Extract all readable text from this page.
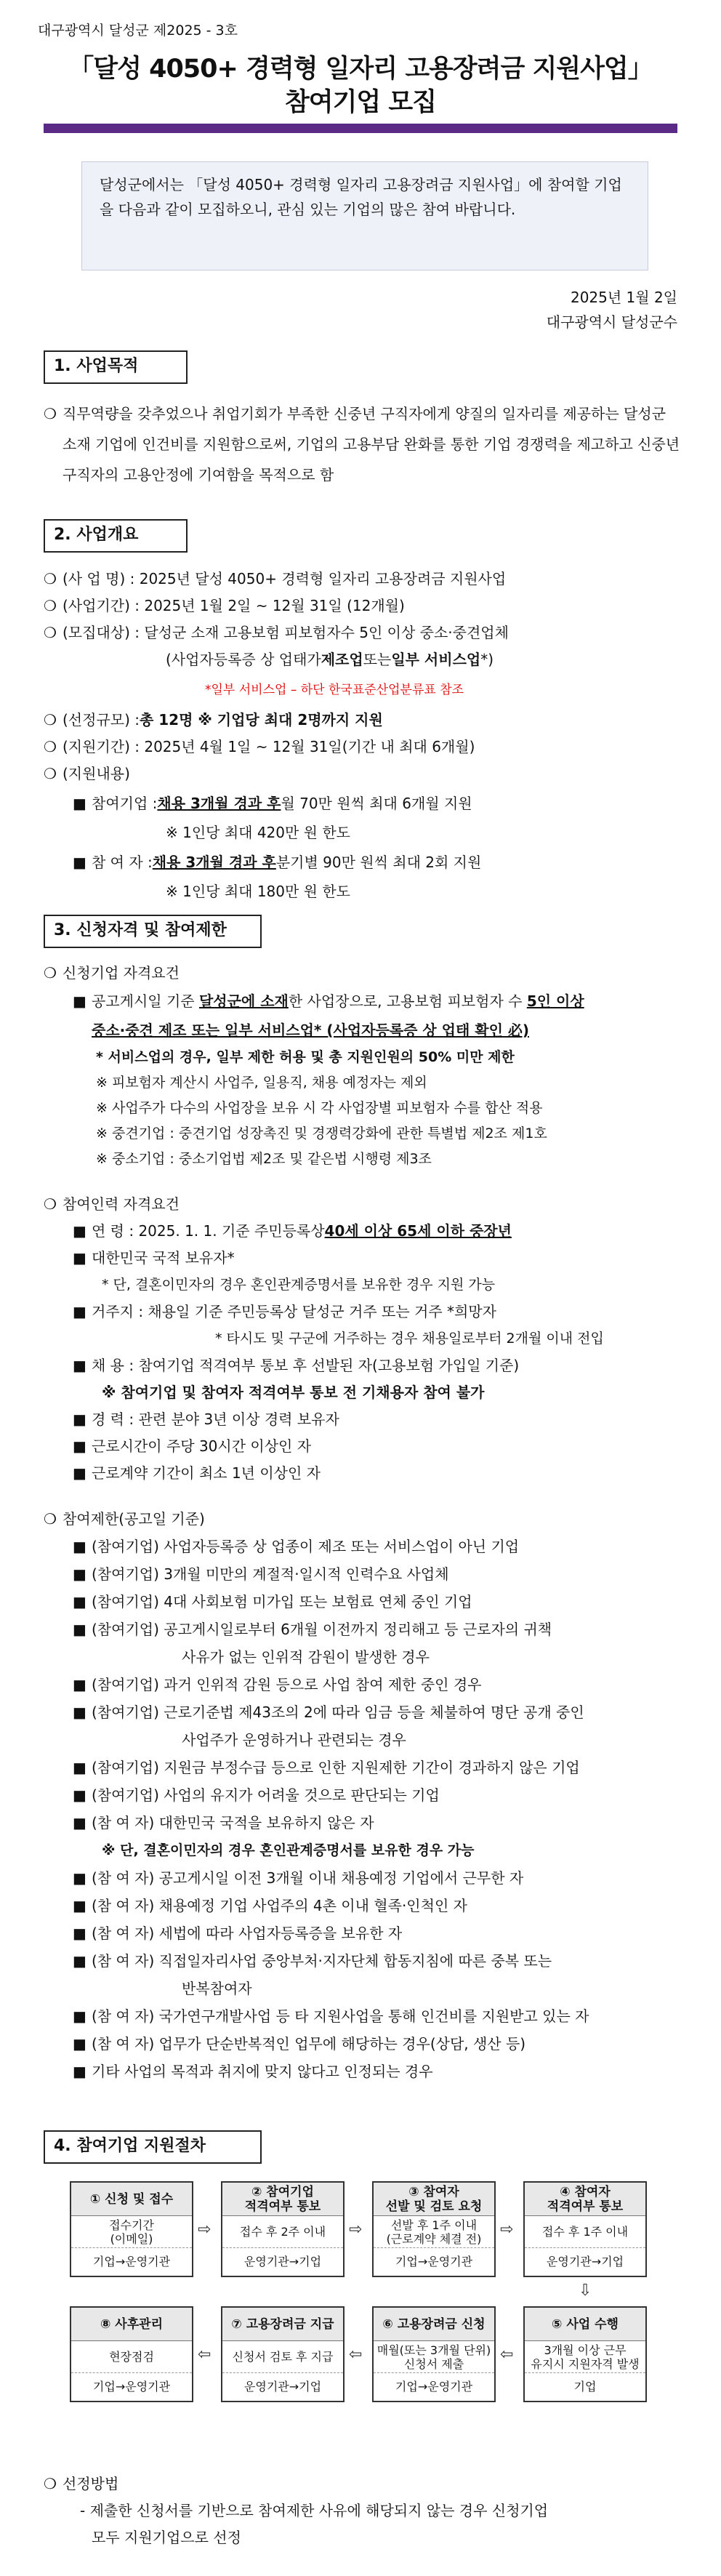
대구광역시 달성군 제2025 - 3호
「달성 4050+ 경력형 일자리 고용장려금 지원사업」
참여기업 모집
달성군에서는 「달성 4050+ 경력형 일자리 고용장려금 지원사업」에 참여할 기업을 다음과 같이 모집하오니, 관심 있는 기업의 많은 참여 바랍니다.
2025년 1월 2일
대구광역시 달성군수
1. 사업목적
❍ 직무역량을 갖추었으나 취업기회가 부족한 신중년 구직자에게 양질의 일자리를 제공하는 달성군 소재 기업에 인건비를 지원함으로써, 기업의 고용부담 완화를 통한 기업 경쟁력을 제고하고 신중년 구직자의 고용안정에 기여함을 목적으로 함
2. 사업개요
❍ (사 업 명) : 2025년 달성 4050+ 경력형 일자리 고용장려금 지원사업
❍ (사업기간) : 2025년 1월 2일 ~ 12월 31일 (12개월)
❍ (모집대상) : 달성군 소재 고용보험 피보험자수 5인 이상 중소·중견업체
(사업자등록증 상 업태가 제조업 또는 일부 서비스업 *)
*일부 서비스업 – 하단 한국표준산업분류표 참조
❍ (선정규모) : 총 12명 ※ 기업당 최대 2명까지 지원
❍ (지원기간) : 2025년 4월 1일 ~ 12월 31일 (기간 내 최대 6개월)
❍ (지원내용)
■ 참여기업 : 채용 3개월 경과 후 월 70만 원씩 최대 6개월 지원
※ 1인당 최대 420만 원 한도
■ 참 여 자 : 채용 3개월 경과 후 분기별 90만 원씩 최대 2회 지원
※ 1인당 최대 180만 원 한도
3. 신청자격 및 참여제한
❍ 신청기업 자격요건
■ 공고게시일 기준 달성군에 소재한 사업장으로, 고용보험 피보험자 수 5인 이상
중소·중견 제조 또는 일부 서비스업* (사업자등록증 상 업태 확인 必)
* 서비스업의 경우, 일부 제한 허용 및 총 지원인원의 50% 미만 제한
※ 피보험자 계산시 사업주, 일용직, 채용 예정자는 제외
※ 사업주가 다수의 사업장을 보유 시 각 사업장별 피보험자 수를 합산 적용
※ 중견기업 : 중견기업 성장촉진 및 경쟁력강화에 관한 특별법 제2조 제1호
※ 중소기업 : 중소기업법 제2조 및 같은법 시행령 제3조
❍ 참여인력 자격요건
■ 연 령 : 2025. 1. 1. 기준 주민등록상 40세 이상 65세 이하 중장년
■ 대한민국 국적 보유자*
* 단, 결혼이민자의 경우 혼인관계증명서를 보유한 경우 지원 가능
■ 거주지 : 채용일 기준 주민등록상 달성군 거주 또는 거주 *희망자
* 타시도 및 구군에 거주하는 경우 채용일로부터 2개월 이내 전입
■ 채 용 : 참여기업 적격여부 통보 후 선발된 자(고용보험 가입일 기준)
※ 참여기업 및 참여자 적격여부 통보 전 기채용자 참여 불가
■ 경 력 : 관련 분야 3년 이상 경력 보유자
■ 근로시간이 주당 30시간 이상인 자
■ 근로계약 기간이 최소 1년 이상인 자
❍ 참여제한(공고일 기준)
■ (참여기업) 사업자등록증 상 업종이 제조 또는 서비스업이 아닌 기업
■ (참여기업) 3개월 미만의 계절적·일시적 인력수요 사업체
■ (참여기업) 4대 사회보험 미가입 또는 보험료 연체 중인 기업
■ (참여기업) 공고게시일로부터 6개월 이전까지 정리해고 등 근로자의 귀책
사유가 없는 인위적 감원이 발생한 경우
■ (참여기업) 과거 인위적 감원 등으로 사업 참여 제한 중인 경우
■ (참여기업) 근로기준법 제43조의 2에 따라 임금 등을 체불하여 명단 공개 중인
사업주가 운영하거나 관련되는 경우
■ (참여기업) 지원금 부정수급 등으로 인한 지원제한 기간이 경과하지 않은 기업
■ (참여기업) 사업의 유지가 어려울 것으로 판단되는 기업
■ (참 여 자) 대한민국 국적을 보유하지 않은 자
※ 단, 결혼이민자의 경우 혼인관계증명서를 보유한 경우 가능
■ (참 여 자) 공고게시일 이전 3개월 이내 채용예정 기업에서 근무한 자
■ (참 여 자) 채용예정 기업 사업주의 4촌 이내 혈족·인척인 자
■ (참 여 자) 세법에 따라 사업자등록증을 보유한 자
■ (참 여 자) 직접일자리사업 중앙부처·지자단체 합동지침에 따른 중복 또는
반복참여자
■ (참 여 자) 국가연구개발사업 등 타 지원사업을 통해 인건비를 지원받고 있는 자
■ (참 여 자) 업무가 단순반복적인 업무에 해당하는 경우(상담, 생산 등)
■ 기타 사업의 목적과 취지에 맞지 않다고 인정되는 경우
4. 참여기업 지원절차
① 신청 및 접수
접수기간
(이메일)
기업→운영기관
⇨
② 참여기업
적격여부 통보
접수 후 2주 이내
운영기관→기업
⇨
③ 참여자
선발 및 검토 요청
선발 후 1주 이내
(근로계약 체결 전)
기업→운영기관
⇨
④ 참여자
적격여부 통보
접수 후 1주 이내
운영기관→기업
⇩
⑧ 사후관리
현장점검
기업→운영기관
⇦
⑦ 고용장려금 지급
신청서 검토 후 지급
운영기관→기업
⇦
⑥ 고용장려금 신청
매월(또는 3개월 단위)
신청서 제출
기업→운영기관
⇦
⑤ 사업 수행
3개월 이상 근무
유지시 지원자격 발생
기업
❍ 선정방법
- 제출한 신청서를 기반으로 참여제한 사유에 해당되지 않는 경우 신청기업
모두 지원기업으로 선정
